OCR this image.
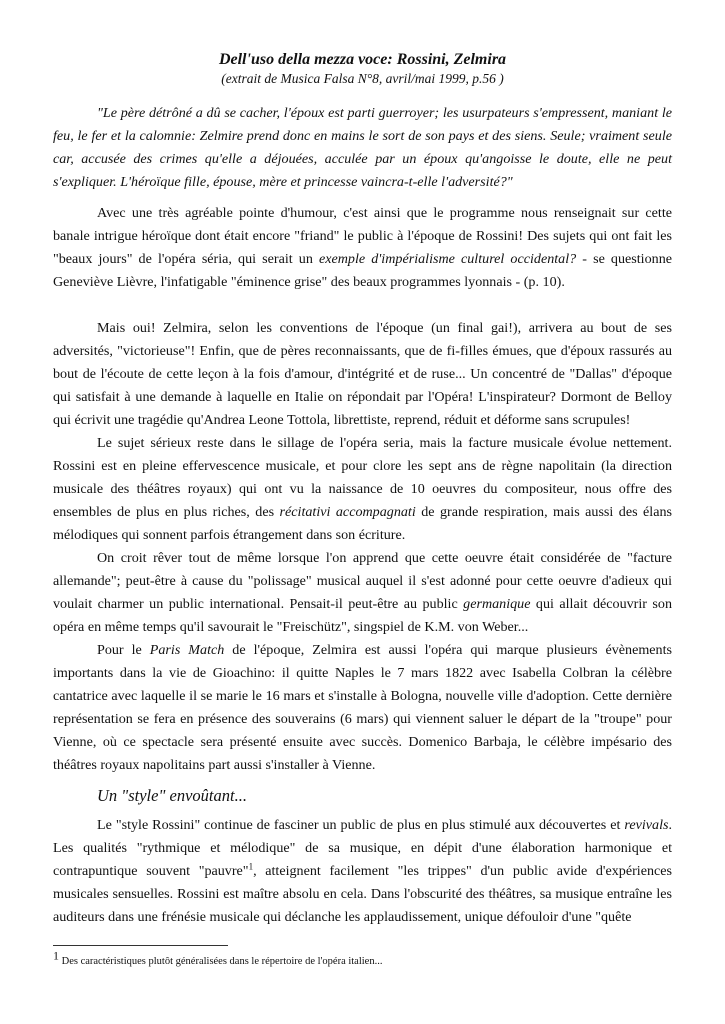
Dell'uso della mezza voce: Rossini, Zelmira
(extrait de Musica Falsa N°8, avril/mai 1999, p.56 )

"Le père détrôné a dû se cacher, l'époux est parti guerroyer; les usurpateurs s'empressent, maniant le feu, le fer et la calomnie: Zelmire prend donc en mains le sort de son pays et des siens. Seule; vraiment seule car, accusée des crimes qu'elle a déjouées, acculée par un époux qu'angoisse le doute, elle ne peut s'expliquer. L'héroïque fille, épouse, mère et princesse vaincra-t-elle l'adversité?"

Avec une très agréable pointe d'humour, c'est ainsi que le programme nous renseignait sur cette banale intrigue héroïque dont était encore "friand" le public à l'époque de Rossini! Des sujets qui ont fait les "beaux jours" de l'opéra séria, qui serait un exemple d'impérialisme culturel occidental? - se questionne Geneviève Lièvre, l'infatigable "éminence grise" des beaux programmes lyonnais - (p. 10).

Mais oui! Zelmira, selon les conventions de l'époque (un final gai!), arrivera au bout de ses adversités, "victorieuse"! Enfin, que de pères reconnaissants, que de fi-filles émues, que d'époux rassurés au bout de l'écoute de cette leçon à la fois d'amour, d'intégrité et de ruse... Un concentré de "Dallas" d'époque qui satisfait à une demande à laquelle en Italie on répondait par l'Opéra! L'inspirateur? Dormont de Belloy qui écrivit une tragédie qu'Andrea Leone Tottola, librettiste, reprend, réduit et déforme sans scrupules!

Le sujet sérieux reste dans le sillage de l'opéra seria, mais la facture musicale évolue nettement. Rossini est en pleine effervescence musicale, et pour clore les sept ans de règne napolitain (la direction musicale des théâtres royaux) qui ont vu la naissance de 10 oeuvres du compositeur, nous offre des ensembles de plus en plus riches, des récitativi accompagnati de grande respiration, mais aussi des élans mélodiques qui sonnent parfois étrangement dans son écriture.

On croit rêver tout de même lorsque l'on apprend que cette oeuvre était considérée de "facture allemande"; peut-être à cause du "polissage" musical auquel il s'est adonné pour cette oeuvre d'adieux qui voulait charmer un public international. Pensait-il peut-être au public germanique qui allait découvrir son opéra en même temps qu'il savourait le "Freischütz", singspiel de K.M. von Weber...

Pour le Paris Match de l'époque, Zelmira est aussi l'opéra qui marque plusieurs évènements importants dans la vie de Gioachino: il quitte Naples le 7 mars 1822 avec Isabella Colbran la célèbre cantatrice avec laquelle il se marie le 16 mars et s'installe à Bologna, nouvelle ville d'adoption. Cette dernière représentation se fera en présence des souverains (6 mars) qui viennent saluer le départ de la "troupe" pour Vienne, où ce spectacle sera présenté ensuite avec succès. Domenico Barbaja, le célèbre impésario des théâtres royaux napolitains part aussi s'installer à Vienne.

Un "style" envoûtant...

Le "style Rossini" continue de fasciner un public de plus en plus stimulé aux découvertes et revivals. Les qualités "rythmique et mélodique" de sa musique, en dépit d'une élaboration harmonique et contrapuntique souvent "pauvre"$^1$, atteignent facilement "les trippes" d'un public avide d'expériences musicales sensuelles. Rossini est maître absolu en cela. Dans l'obscurité des théâtres, sa musique entraîne les auditeurs dans une frénésie musicale qui déclanche les applaudissement, unique défouloir d'une "quête

1 Des caractéristiques plutôt généralisées dans le répertoire de l'opéra italien...
